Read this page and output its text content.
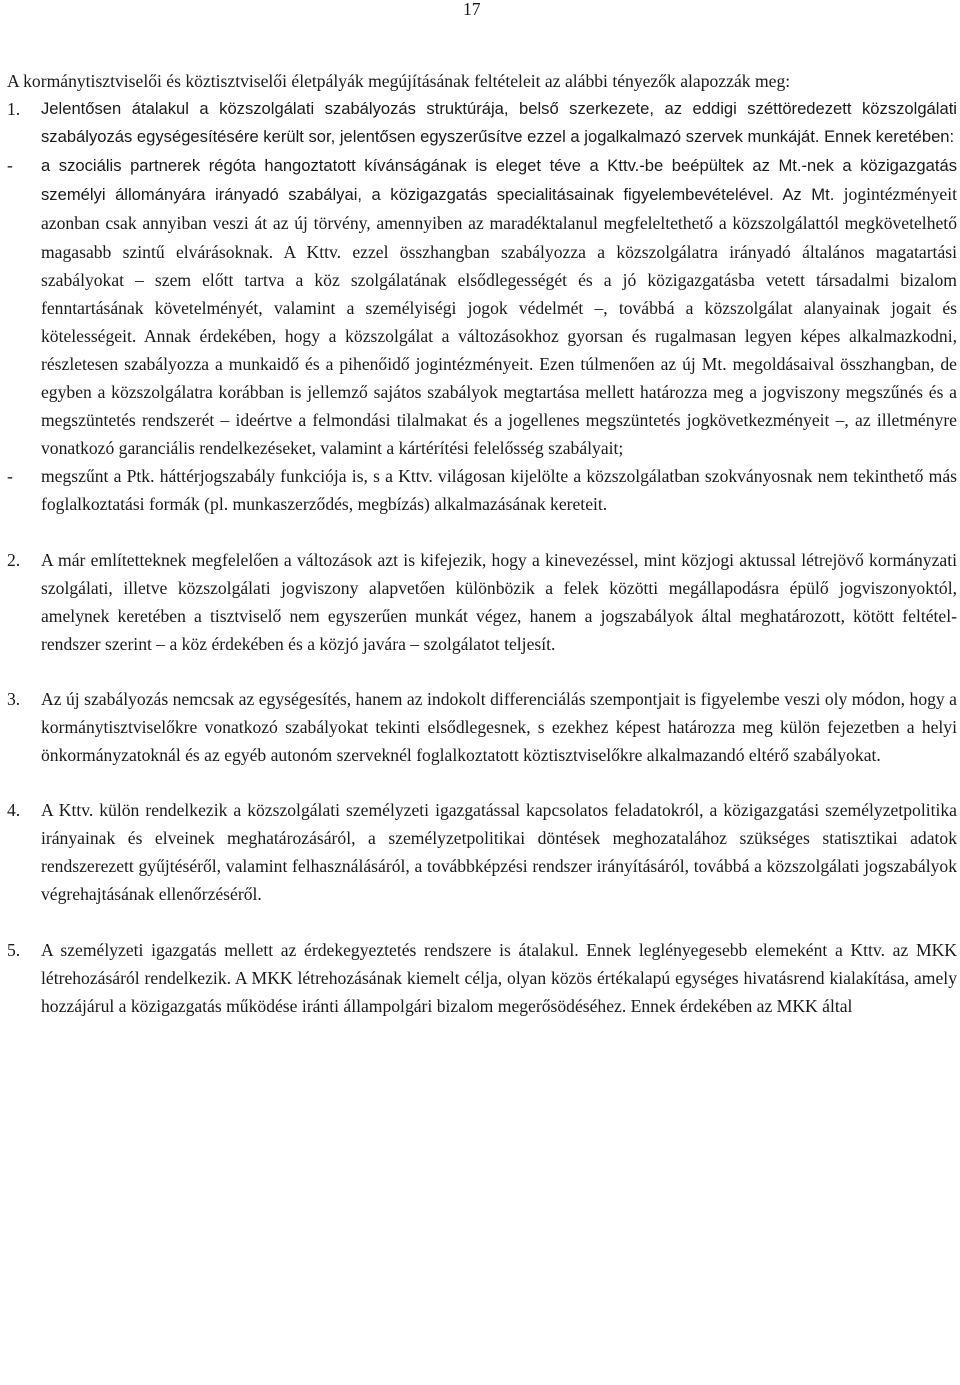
17

A kormánytisztviselői és köztisztviselői életpályák megújításának feltételeit az alábbi tényezők alapozzák meg:

1. Jelentősen átalakul a közszolgálati szabályozás struktúrája, belső szerkezete, az eddigi széttöredezett közszolgálati szabályozás egységesítésére került sor, jelentősen egyszerűsítve ezzel a jogalkalmazó szervek munkáját. Ennek keretében:

- a szociális partnerek régóta hangoztatott kívánságának is eleget téve a Kttv.-be beépültek az Mt.-nek a közigazgatás személyi állományára irányadó szabályai, a közigazgatás specialitásainak figyelembevételével. Az Mt. jogintézményeit azonban csak annyiban veszi át az új törvény, amennyiben az maradéktalanul megfeleltethető a közszolgálattól megkövetelhető magasabb szintű elvárásoknak. A Kttv. ezzel összhangban szabályozza a közszolgálatra irányadó általános magatartási szabályokat – szem előtt tartva a köz szolgálatának elsődlegességét és a jó közigazgatásba vetett társadalmi bizalom fenntartásának követelményét, valamint a személyiségi jogok védelmét –, továbbá a közszolgálat alanyainak jogait és kötelességeit. Annak érdekében, hogy a közszolgálat a változásokhoz gyorsan és rugalmasan legyen képes alkalmazkodni, részletesen szabályozza a munkaidő és a pihenőidő jogintézményeit. Ezen túlmenően az új Mt. megoldásaival összhangban, de egyben a közszolgálatra korábban is jellemző sajátos szabályok megtartása mellett határozza meg a jogviszony megszűnés és a megszüntetés rendszerét – ideértve a felmondási tilalmakat és a jogellenes megszüntetés jogkövetkezményeit –, az illetményre vonatkozó garanciális rendelkezéseket, valamint a kártérítési felelősség szabályait;
- megszűnt a Ptk. háttérjogszabály funkciója is, s a Kttv. világosan kijelölte a közszolgálatban szokványosnak nem tekinthető más foglalkoztatási formák (pl. munkaszerződés, megbízás) alkalmazásának kereteit.
2. A már említetteknek megfelelően a változások azt is kifejezik, hogy a kinevezéssel, mint közjogi aktussal létrejövő kormányzati szolgálati, illetve közszolgálati jogviszony alapvetően különbözik a felek közötti megállapodásra épülő jogviszonyoktól, amelynek keretében a tisztviselő nem egyszerűen munkát végez, hanem a jogszabályok által meghatározott, kötött feltételrendszer szerint – a köz érdekében és a közjó javára – szolgálatot teljesít.

3. Az új szabályozás nemcsak az egységesítés, hanem az indokolt differenciálás szempontjait is figyelembe veszi oly módon, hogy a kormánytisztviselőkre vonatkozó szabályokat tekinti elsődlegesnek, s ezekhez képest határozza meg külön fejezetben a helyi önkormányzatoknál és az egyéb autonóm szerveknél foglalkoztatott köztisztviselőkre alkalmazandó eltérő szabályokat.

4. A Kttv. külön rendelkezik a közszolgálati személyzeti igazgatással kapcsolatos feladatokról, a közigazgatási személyzetpolitika irányainak és elveinek meghatározásáról, a személyzetpolitikai döntések meghozatalához szükséges statisztikai adatok rendszerezett gyűjtéséről, valamint felhasználásáról, a továbbképzési rendszer irányításáról, továbbá a közszolgálati jogszabályok végrehajtásának ellenőrzéséről.

5. A személyzeti igazgatás mellett az érdekegyeztetés rendszere is átalakul. Ennek leglényegesebb elemeként a Kttv. az MKK létrehozásáról rendelkezik. A MKK létrehozásának kiemelt célja, olyan közös értékalapú egységes hivatásrend kialakítása, amely hozzájárul a közigazgatás működése iránti állampolgári bizalom megerősödéséhez. Ennek érdekében az MKK által
